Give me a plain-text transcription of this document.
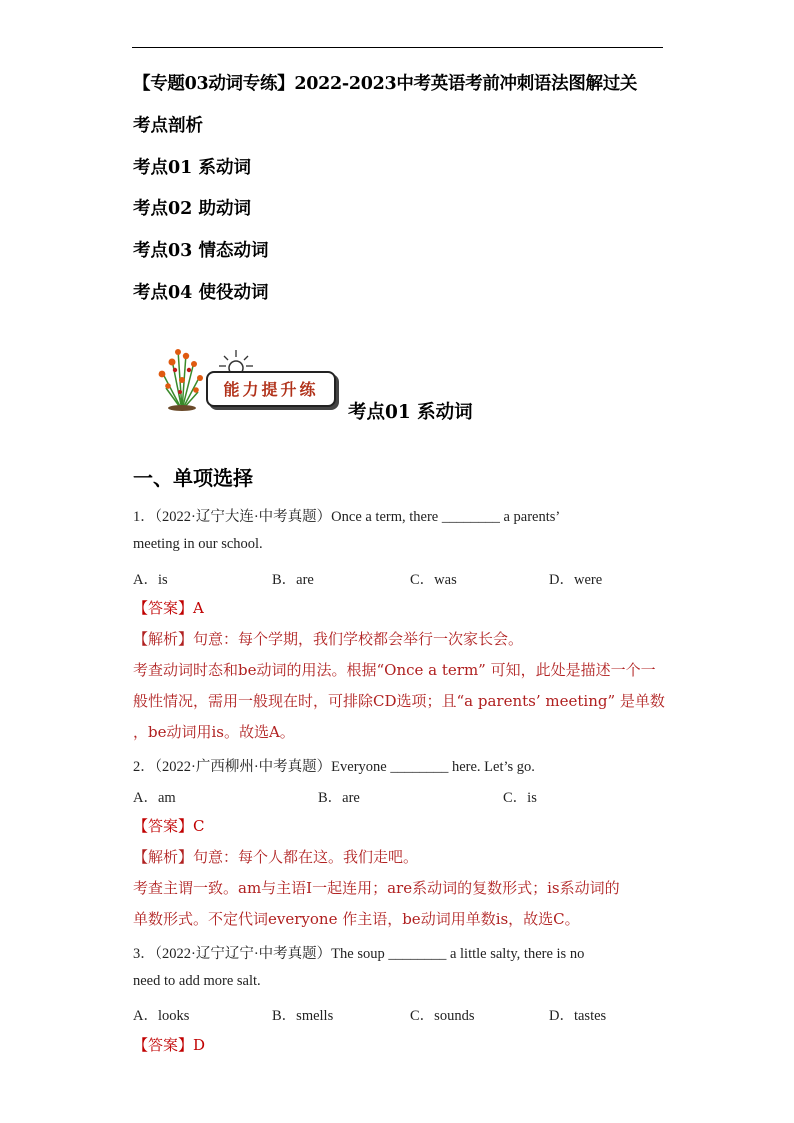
【专题03动词专练】2022-2023中考英语考前冲刺语法图解过关
考点剖析
考点01 系动词
考点02 助动词
考点03 情态动词
考点04 使役动词
能力提升练
考点01 系动词
一、单项选择
1．（2022·辽宁大连·中考真题）Once a term, there ________ a parents’
meeting in our school.
A．is	B．are	C．was	D．were
【答案】A
【解析】句意：每个学期，我们学校都会举行一次家长会。
考查动词时态和be动词的用法。根据“Once a term” 可知，此处是描述一个一
般性情况，需用一般现在时，可排除CD选项；且“a parents’ meeting” 是单数
，be动词用is。故选A。
2．（2022·广西柳州·中考真题）Everyone ________ here. Let’s go.
A．am	B．are	C．is
【答案】C
【解析】句意：每个人都在这。我们走吧。
考查主谓一致。am与主语I一起连用；are系动词的复数形式；is系动词的
单数形式。不定代词everyone 作主语，be动词用单数is，故选C。
3．（2022·辽宁辽宁·中考真题）The soup ________ a little salty, there is no
need to add more salt.
A．looks	B．smells	C．sounds	D．tastes
【答案】D
